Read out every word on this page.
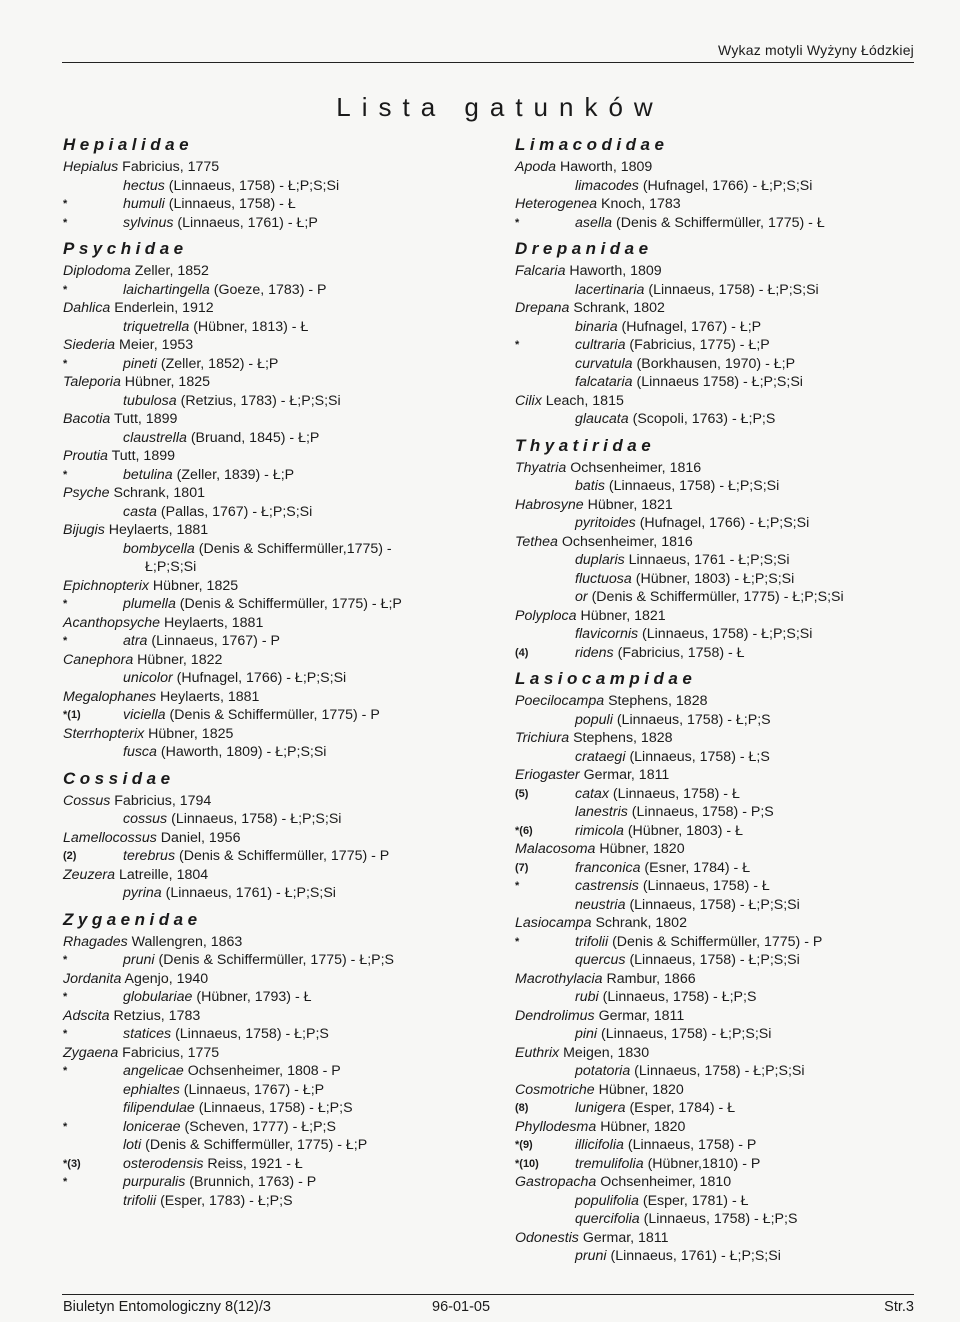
Wykaz motyli Wyżyny Łódzkiej
Lista gatunków
Hepialidae
Hepialus Fabricius, 1775
hectus (Linnaeus, 1758) - Ł;P;S;Si
*	humuli (Linnaeus, 1758) - Ł
*	sylvinus (Linnaeus, 1761) - Ł;P
Psychidae
Diplodoma Zeller, 1852
*	laichartingella (Goeze, 1783) - P
Dahlica Enderlein, 1912
triquetrella (Hübner, 1813) - Ł
Siederia Meier, 1953
*	pineti (Zeller, 1852) - Ł;P
Taleporia Hübner, 1825
tubulosa (Retzius, 1783) - Ł;P;S;Si
Bacotia Tutt, 1899
claustrella (Bruand, 1845) - Ł;P
Proutia Tutt, 1899
*	betulina (Zeller, 1839) - Ł;P
Psyche Schrank, 1801
casta (Pallas, 1767) - Ł;P;S;Si
Bijugis Heylaerts, 1881
bombycella (Denis & Schiffermüller,1775) -
Ł;P;S;Si
Epichnopterix Hübner, 1825
*	plumella (Denis & Schiffermüller, 1775) - Ł;P
Acanthopsyche Heylaerts, 1881
*	atra (Linnaeus, 1767) - P
Canephora Hübner, 1822
unicolor (Hufnagel, 1766) - Ł;P;S;Si
Megalophanes Heylaerts, 1881
*(1)	viciella (Denis & Schiffermüller, 1775) - P
Sterrhopterix Hübner, 1825
fusca (Haworth, 1809) - Ł;P;S;Si
Cossidae
Cossus Fabricius, 1794
cossus (Linnaeus, 1758) - Ł;P;S;Si
Lamellocossus Daniel, 1956
(2)	terebrus (Denis & Schiffermüller, 1775) - P
Zeuzera Latreille, 1804
pyrina (Linnaeus, 1761) - Ł;P;S;Si
Zygaenidae
Rhagades Wallengren, 1863
*	pruni (Denis & Schiffermüller, 1775) - Ł;P;S
Jordanita Agenjo, 1940
*	globulariae (Hübner, 1793) - Ł
Adscita Retzius, 1783
*	statices (Linnaeus, 1758) - Ł;P;S
Zygaena Fabricius, 1775
*	angelicae Ochsenheimer, 1808 - P
ephialtes (Linnaeus, 1767) - Ł;P
filipendulae (Linnaeus, 1758) - Ł;P;S
*	lonicerae (Scheven, 1777) - Ł;P;S
loti (Denis & Schiffermüller, 1775) - Ł;P
*(3)	osterodensis Reiss, 1921 - Ł
*	purpuralis (Brunnich, 1763) - P
trifolii (Esper, 1783) - Ł;P;S
Limacodidae
Apoda Haworth, 1809
limacodes (Hufnagel, 1766) - Ł;P;S;Si
Heterogenea Knoch, 1783
*	asella (Denis & Schiffermüller, 1775) - Ł
Drepanidae
Falcaria Haworth, 1809
lacertinaria (Linnaeus, 1758) - Ł;P;S;Si
Drepana Schrank, 1802
binaria (Hufnagel, 1767) - Ł;P
*	cultraria (Fabricius, 1775) - Ł;P
curvatula (Borkhausen, 1970) - Ł;P
falcataria (Linnaeus 1758) - Ł;P;S;Si
Cilix Leach, 1815
glaucata (Scopoli, 1763) - Ł;P;S
Thyatiridae
Thyatria Ochsenheimer, 1816
batis (Linnaeus, 1758) - Ł;P;S;Si
Habrosyne Hübner, 1821
pyritoides (Hufnagel, 1766) - Ł;P;S;Si
Tethea Ochsenheimer, 1816
duplaris Linnaeus, 1761 - Ł;P;S;Si
fluctuosa (Hübner, 1803) - Ł;P;S;Si
or (Denis & Schiffermüller, 1775) - Ł;P;S;Si
Polyploca Hübner, 1821
flavicornis (Linnaeus, 1758) - Ł;P;S;Si
(4)	ridens (Fabricius, 1758) - Ł
Lasiocampidae
Poecilocampa Stephens, 1828
populi (Linnaeus, 1758) - Ł;P;S
Trichiura Stephens, 1828
crataegi (Linnaeus, 1758) - Ł;S
Eriogaster Germar, 1811
(5)	catax (Linnaeus, 1758) - Ł
lanestris (Linnaeus, 1758) - P;S
*(6)	rimicola (Hübner, 1803) - Ł
Malacosoma Hübner, 1820
(7)	franconica (Esner, 1784) - Ł
*	castrensis (Linnaeus, 1758) - Ł
neustria (Linnaeus, 1758) - Ł;P;S;Si
Lasiocampa Schrank, 1802
*	trifolii (Denis & Schiffermüller, 1775) - P
quercus (Linnaeus, 1758) - Ł;P;S;Si
Macrothylacia Rambur, 1866
rubi (Linnaeus, 1758) - Ł;P;S
Dendrolimus Germar, 1811
pini (Linnaeus, 1758) - Ł;P;S;Si
Euthrix Meigen, 1830
potatoria (Linnaeus, 1758) - Ł;P;S;Si
Cosmotriche Hübner, 1820
(8)	lunigera (Esper, 1784) - Ł
Phyllodesma Hübner, 1820
*(9)	illicifolia (Linnaeus, 1758) - P
*(10)	tremulifolia (Hübner,1810) - P
Gastropacha Ochsenheimer, 1810
populifolia (Esper, 1781) - Ł
quercifolia (Linnaeus, 1758) - Ł;P;S
Odonestis Germar, 1811
pruni (Linnaeus, 1761) - Ł;P;S;Si
Biuletyn Entomologiczny 8(12)/3	96-01-05	Str.3
